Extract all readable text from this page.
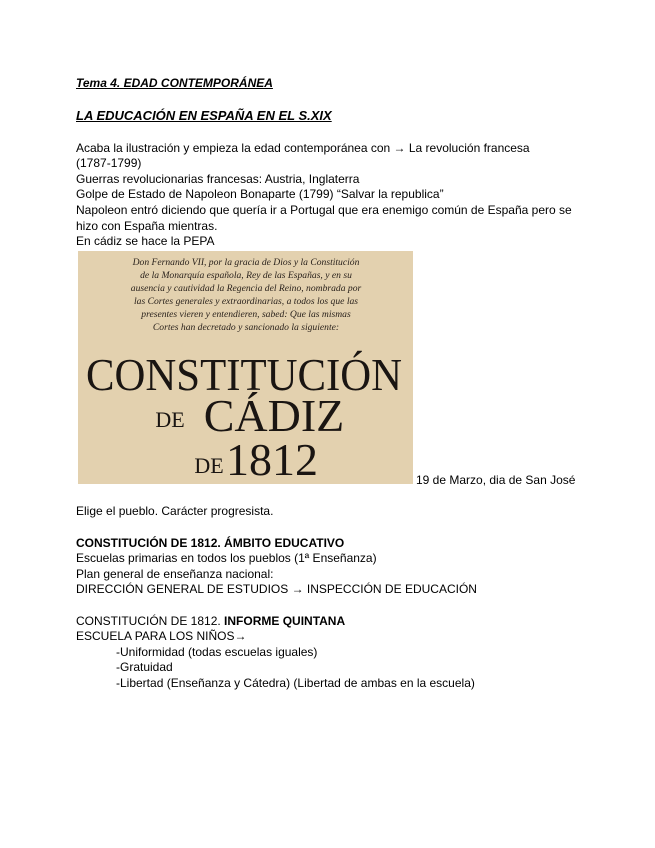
Tema 4. EDAD CONTEMPORÁNEA
LA EDUCACIÓN EN ESPAÑA EN EL S.XIX
Acaba la ilustración y empieza la edad contemporánea con → La revolución francesa
(1787-1799)
Guerras revolucionarias francesas: Austria, Inglaterra
Golpe de Estado de Napoleon Bonaparte (1799) “Salvar la republica”
Napoleon entró diciendo que quería ir a Portugal que era enemigo común de España pero se
hizo con España mientras.
En cádiz se hace la PEPA
Don Fernando VII, por la gracia de Dios y la Constitución
de la Monarquía española, Rey de las Españas, y en su
ausencia y cautividad la Regencia del Reino, nombrada por
las Cortes generales y extraordinarias, a todos los que las
presentes vieren y entendieren, sabed: Que las mismas
Cortes han decretado y sancionado la siguiente:
CONSTITUCIÓN
DE CÁDIZ
DE 1812	19 de Marzo, dia de San José
Elige el pueblo. Carácter progresista.
CONSTITUCIÓN DE 1812. ÁMBITO EDUCATIVO
Escuelas primarias en todos los pueblos (1ª Enseñanza)
Plan general de enseñanza nacional:
DIRECCIÓN GENERAL DE ESTUDIOS → INSPECCIÓN DE EDUCACIÓN
CONSTITUCIÓN DE 1812. INFORME QUINTANA
ESCUELA PARA LOS NIÑOS→
-Uniformidad (todas escuelas iguales)
-Gratuidad
-Libertad (Enseñanza y Cátedra) (Libertad de ambas en la escuela)
